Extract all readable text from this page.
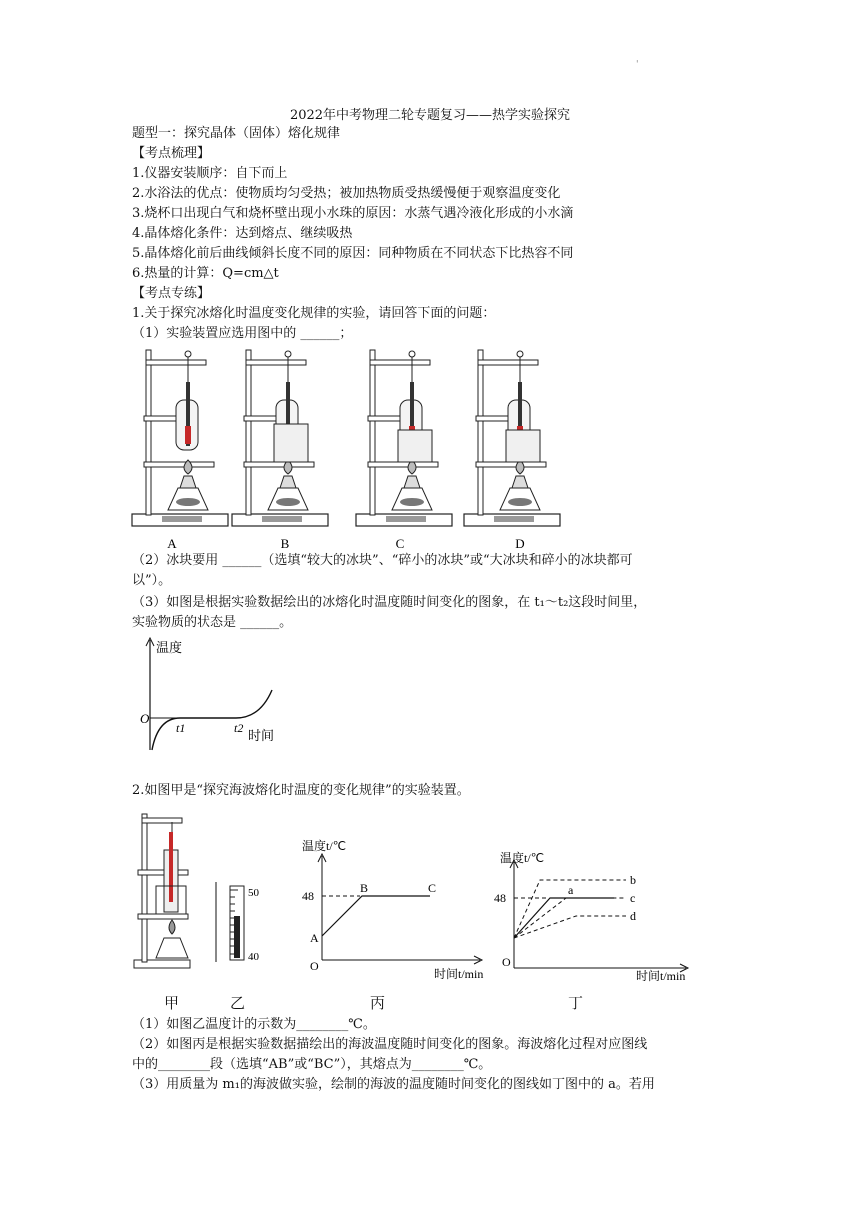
'
2022年中考物理二轮专题复习——热学实验探究
题型一：探究晶体（固体）熔化规律
【考点梳理】
1.仪器安装顺序：自下而上
2.水浴法的优点：使物质均匀受热；被加热物质受热缓慢便于观察温度变化
3.烧杯口出现白气和烧杯壁出现小水珠的原因：水蒸气遇冷液化形成的小水滴
4.晶体熔化条件：达到熔点、继续吸热
5.晶体熔化前后曲线倾斜长度不同的原因：同种物质在不同状态下比热容不同
6.热量的计算：Q=cm△t
【考点专练】
1.关于探究冰熔化时温度变化规律的实验，请回答下面的问题：
（1）实验装置应选用图中的 ______；
A	B	C	D
（2）冰块要用 ______（选填“较大的冰块”、“碎小的冰块”或“大冰块和碎小的冰块都可
以”）。
（3）如图是根据实验数据绘出的冰熔化时温度随时间变化的图象，在 t₁～t₂这段时间里，
实验物质的状态是 ______。
温度
O
t1	t2 时间
2.如图甲是“探究海波熔化时温度的变化规律”的实验装置。
50
40
温度t/℃
48
A
B	C
O
时间t/min
温度t/℃
48
a
b
c
d
O
时间t/min
甲	乙	丙	丁
（1）如图乙温度计的示数为________℃。
（2）如图丙是根据实验数据描绘出的海波温度随时间变化的图象。海波熔化过程对应图线
中的________段（选填“AB”或“BC”），其熔点为________℃。
（3）用质量为 m₁的海波做实验，绘制的海波的温度随时间变化的图线如丁图中的 a。若用
